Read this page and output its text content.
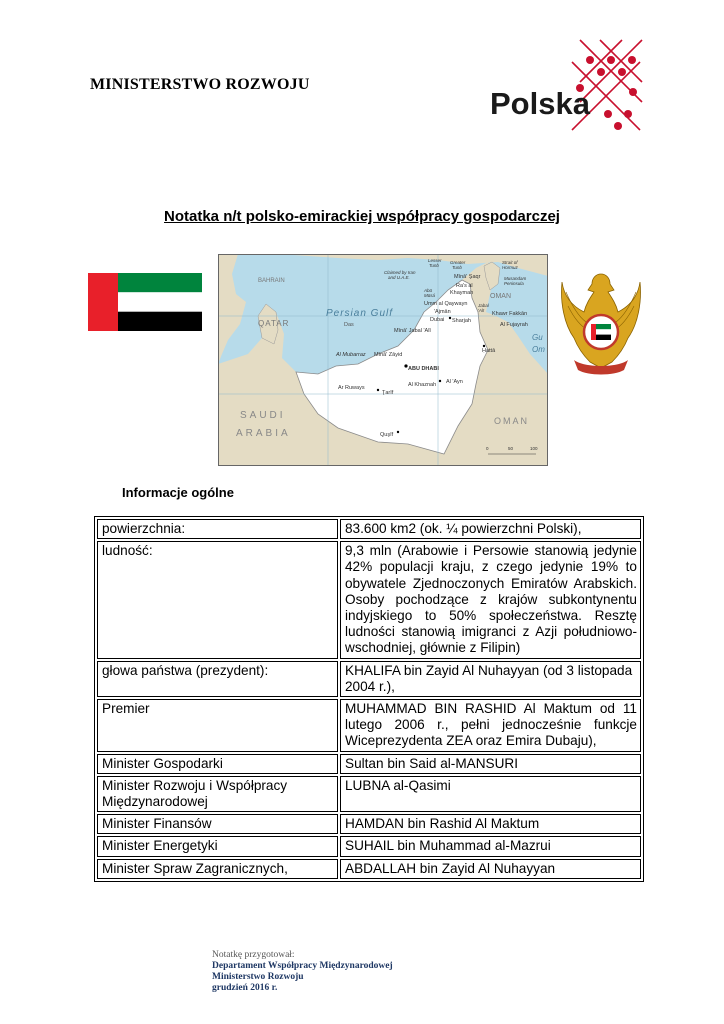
MINISTERSTWO ROZWOJU
Polska
Notatka n/t polsko-emirackiej współpracy gospodarczej
BAHRAIN
QATAR
Persian Gulf
Das
SAUDI
ARABIA
OMAN
OMAN
Lesser
Tunb
Greater
Tunb
Strait of
Hormuz
Claimed by Iran
and U.A.E.
Abū
Mūsá
Musandam
Peninsula
Jabal
'Alī
Gu
Om
Mīnā' Şaqr
Ra's al
Khaymah
Umm al Qaywayn
'Ajmān
Dubai Sharjah
Mīnā' Jabal 'Alī
Khawr Fakkān
Al Fujayrah
Ḥattā
Al Mubarraz Mīnā' Zāyid
ABU DHABI
Al Khaznah Al 'Ayn
Ar Ruways
Ţarīf
Quşīf
0	50	100
Informacje ogólne
powierzchnia:	83.600 km2 (ok. ¼ powierzchni Polski),

ludność:	9,3 mln (Arabowie i Persowie stanowią jedynie 42% populacji kraju, z czego jedynie 19% to obywatele Zjednoczonych Emiratów Arabskich. Osoby pochodzące z krajów subkontynentu indyjskiego to 50% społeczeństwa. Resztę ludności stanowią imigranci z Azji południowo-wschodniej, głównie z Filipin)

głowa państwa (prezydent):	KHALIFA bin Zayid Al Nuhayyan (od 3 listopada
2004 r.),

Premier	MUHAMMAD BIN RASHID Al Maktum od 11 lutego 2006 r., pełni jednocześnie funkcje Wiceprezydenta ZEA oraz Emira Dubaju),

Minister Gospodarki	Sultan bin Said al-MANSURI

Minister Rozwoju i Współpracy Międzynarodowej	LUBNA al-Qasimi

Minister Finansów	HAMDAN bin Rashid Al Maktum

Minister Energetyki	SUHAIL bin Muhammad al-Mazrui

Minister Spraw Zagranicznych,	ABDALLAH bin Zayid Al Nuhayyan
Notatkę przygotował:
Departament Współpracy Międzynarodowej
Ministerstwo Rozwoju
grudzień 2016 r.
